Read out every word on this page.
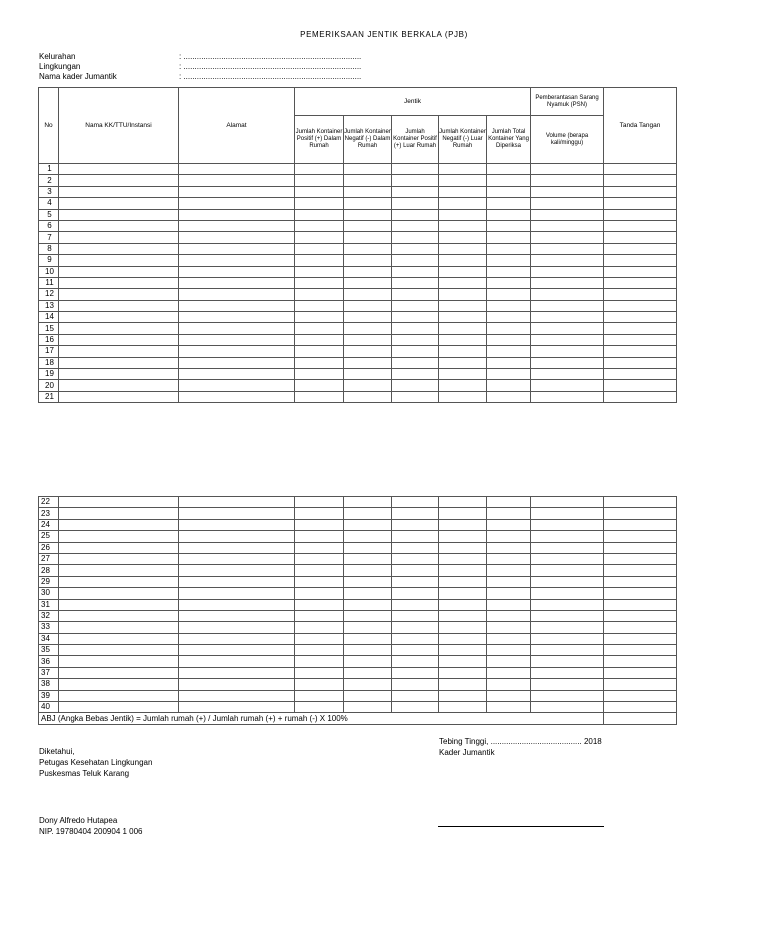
PEMERIKSAAN JENTIK BERKALA (PJB)
Kelurahan	: ................................................................................
Lingkungan	: ................................................................................
Nama kader Jumantik	: ................................................................................
No	Nama KK/TTU/Instansi	Alamat	Jentik					Pemberantasan Sarang Nyamuk (PSN)	Tanda Tangan
			Jumlah Kontainer Positif (+) Dalam Rumah	Jumlah Kontainer Negatif (-) Dalam Rumah	Jumlah Kontainer Positif (+) Luar Rumah	Jumlah Kontainer Negatif (-) Luar Rumah	Jumlah Total Kontainer Yang Diperiksa	Volume (berapa kali/minggu)	
1									
2									
3									
4									
5									
6									
7									
8									
9									
10									
11									
12									
13									
14									
15									
16									
17									
18									
19									
20									
21									
22									
23									
24									
25									
26									
27									
28									
29									
30									
31									
32									
33									
34									
35									
36									
37									
38									
39									
40									
ABJ (Angka Bebas Jentik) = Jumlah rumah (+) / Jumlah rumah (+) + rumah (-) X 100%									
Tebing Tinggi, ......................................... 2018
Kader Jumantik
Diketahui,
Petugas Kesehatan Lingkungan
Puskesmas Teluk Karang
Dony Alfredo Hutapea
NIP. 19780404 200904 1 006
